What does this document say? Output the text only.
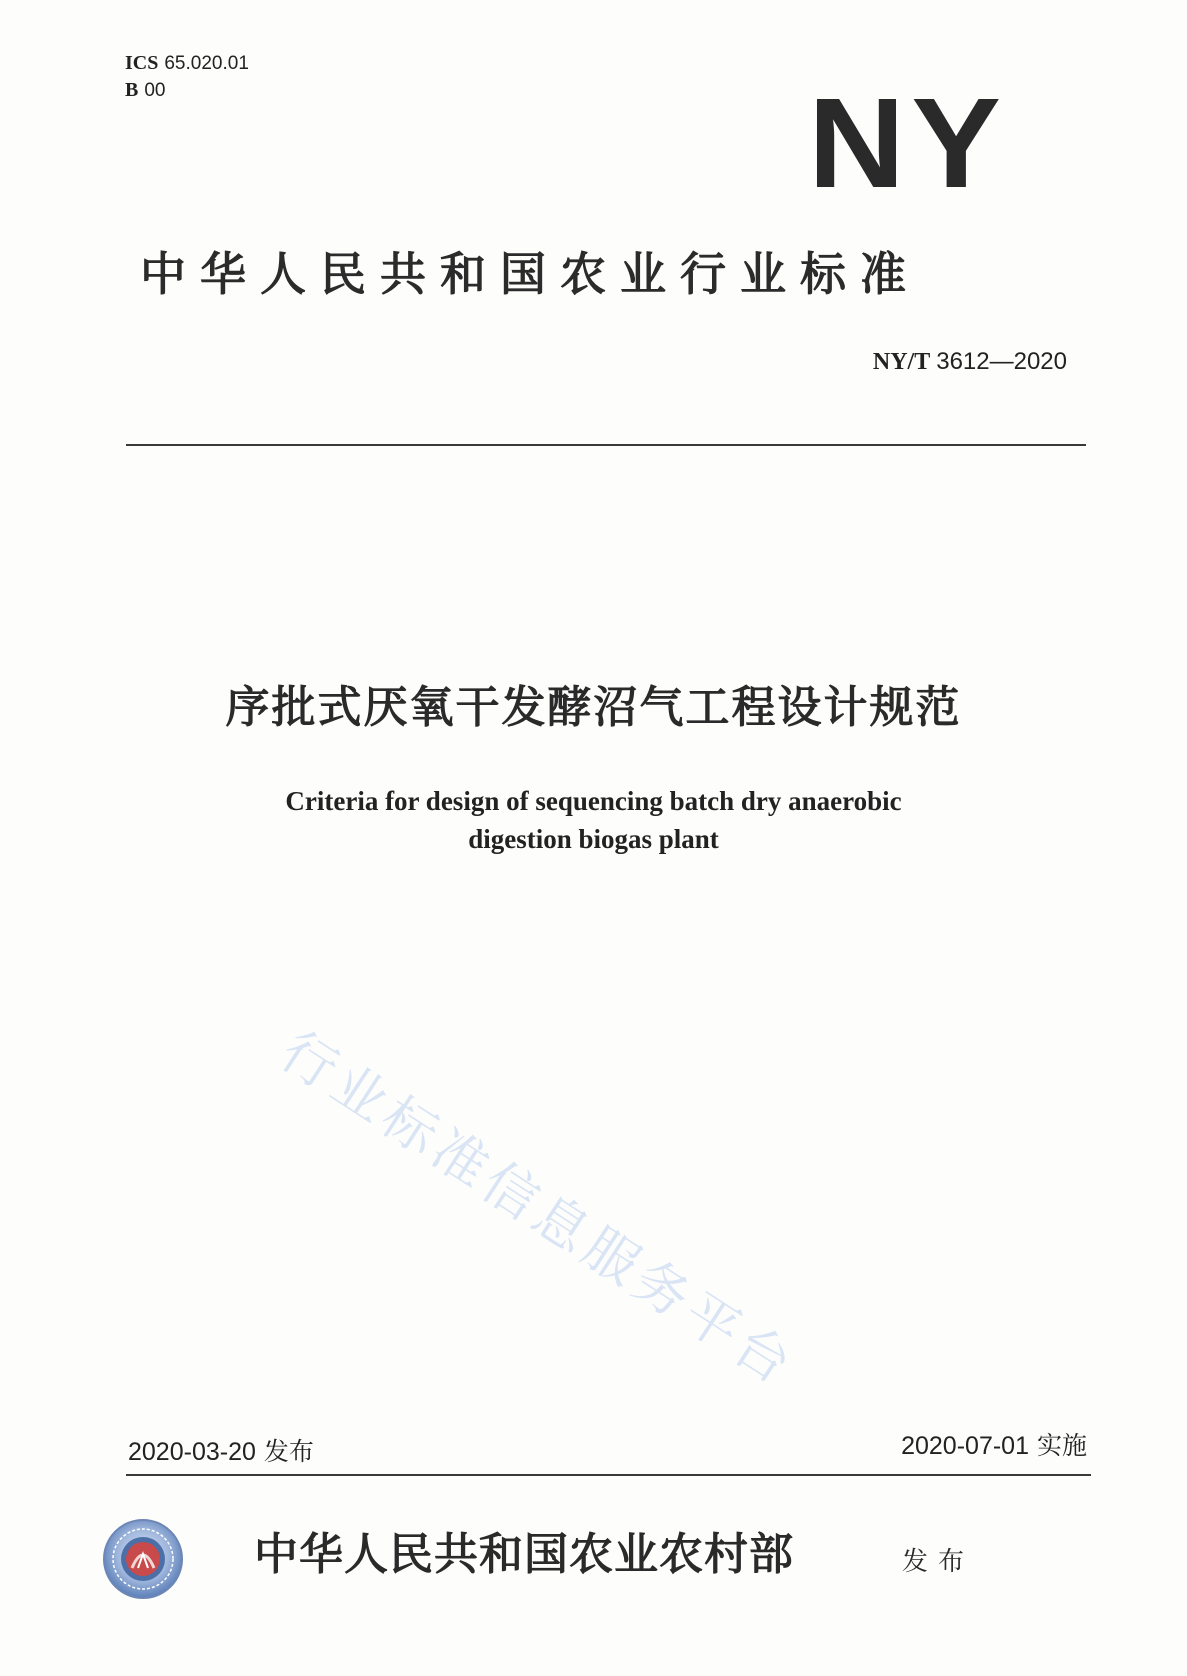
ICS 65.020.01
B 00	NY
中华人民共和国农业行业标准
NY/T 3612—2020
序批式厌氧干发酵沼气工程设计规范
Criteria for design of sequencing batch dry anaerobic
digestion biogas plant
行业标准信息服务平台
2020-03-20 发布	2020-07-01 实施
中华人民共和国农业农村部	发布
